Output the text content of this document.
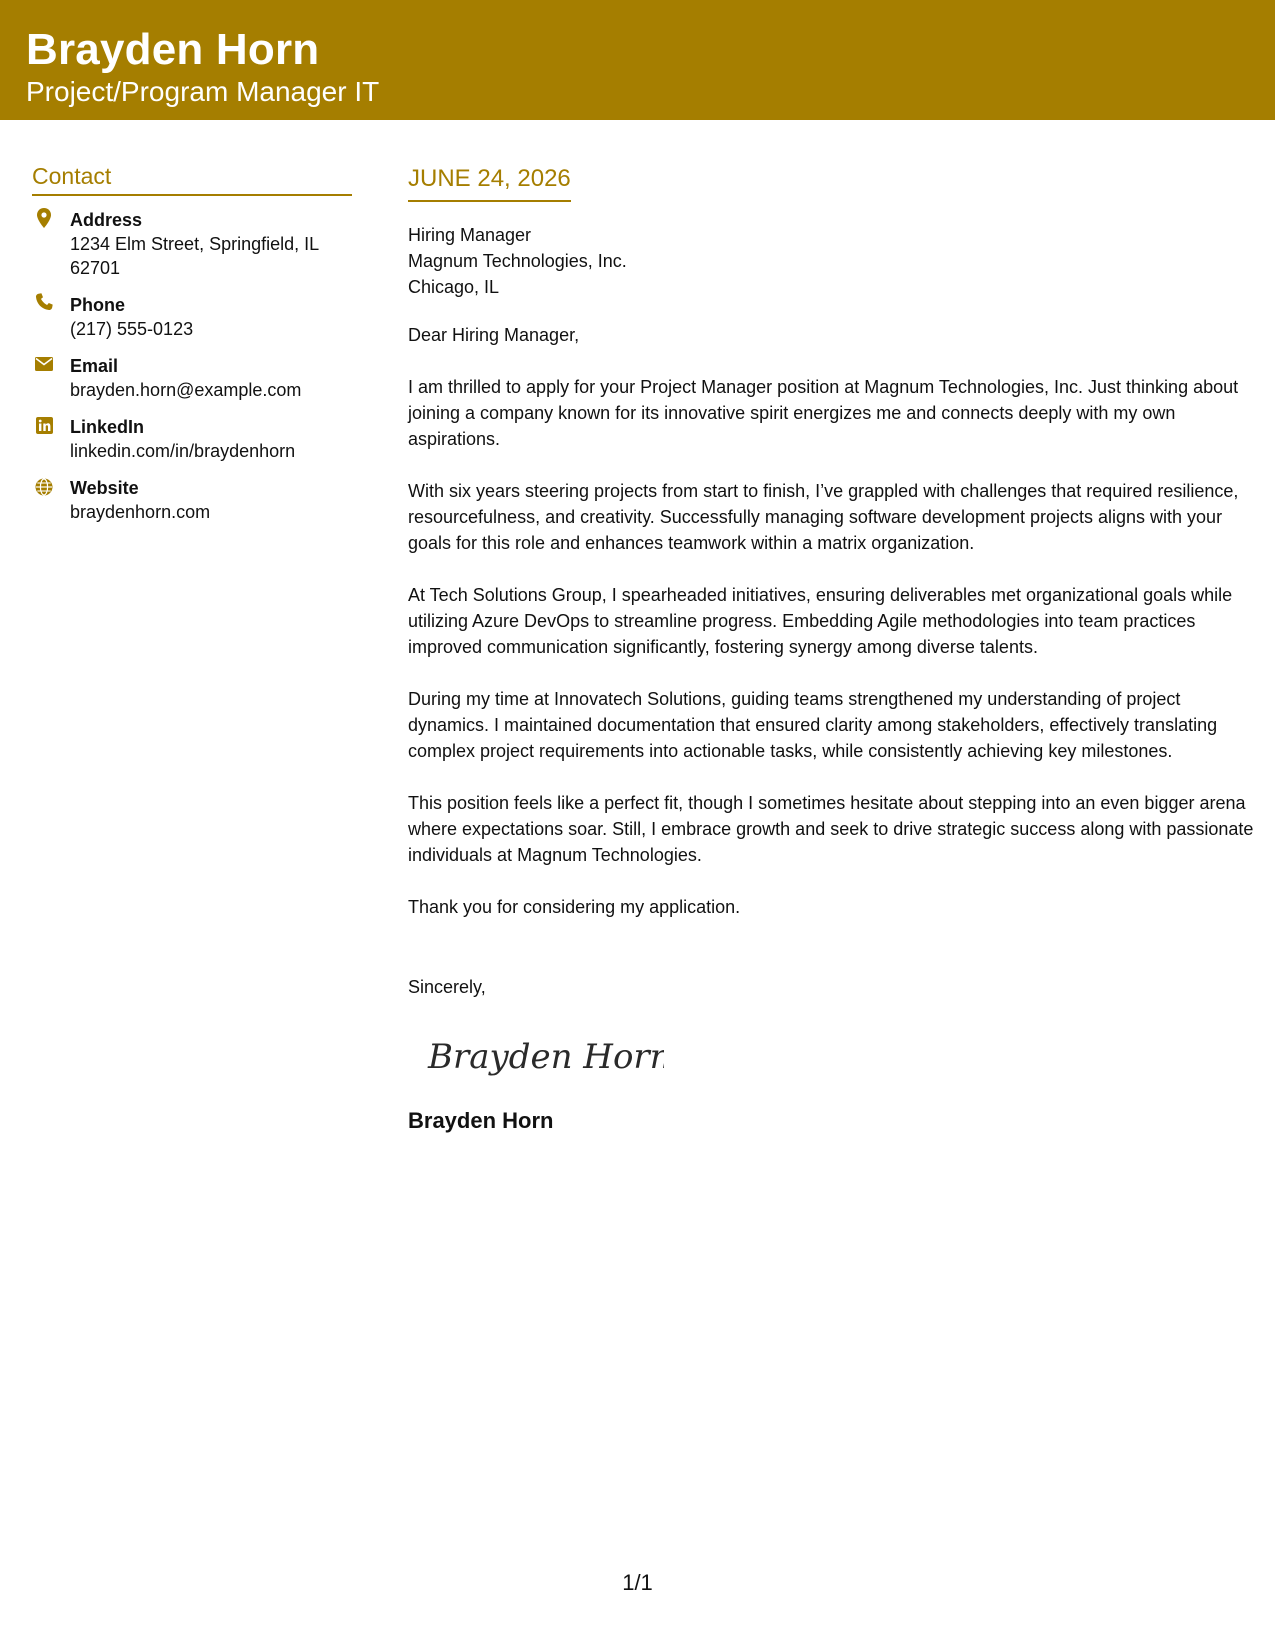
Brayden Horn
Project/Program Manager IT
Contact
Address
1234 Elm Street, Springfield, IL 62701
Phone
(217) 555-0123
Email
brayden.horn@example.com
LinkedIn
linkedin.com/in/braydenhorn
Website
braydenhorn.com
JUNE 24, 2026
Hiring Manager
Magnum Technologies, Inc.
Chicago, IL
Dear Hiring Manager,
I am thrilled to apply for your Project Manager position at Magnum Technologies, Inc. Just thinking about joining a company known for its innovative spirit energizes me and connects deeply with my own aspirations.
With six years steering projects from start to finish, I’ve grappled with challenges that required resilience, resourcefulness, and creativity. Successfully managing software development projects aligns with your goals for this role and enhances teamwork within a matrix organization.
At Tech Solutions Group, I spearheaded initiatives, ensuring deliverables met organizational goals while utilizing Azure DevOps to streamline progress. Embedding Agile methodologies into team practices improved communication significantly, fostering synergy among diverse talents.
During my time at Innovatech Solutions, guiding teams strengthened my understanding of project dynamics. I maintained documentation that ensured clarity among stakeholders, effectively translating complex project requirements into actionable tasks, while consistently achieving key milestones.
This position feels like a perfect fit, though I sometimes hesitate about stepping into an even bigger arena where expectations soar. Still, I embrace growth and seek to drive strategic success along with passionate individuals at Magnum Technologies.
Thank you for considering my application.
Sincerely,
Brayden Horn
Brayden Horn
1/1
